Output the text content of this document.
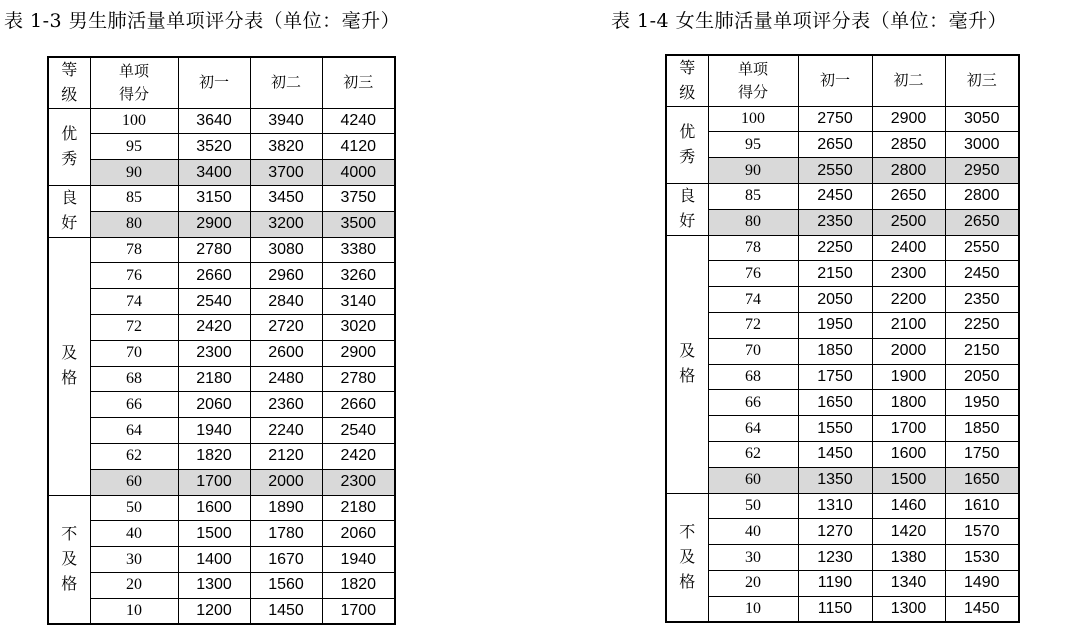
表 1-3 男生肺活量单项评分表（单位：毫升）	表 1-4 女生肺活量单项评分表（单位：毫升）
等
级	单项
得分	初一	初二	初三

优
秀	100	3640	3940	4240
	95	3520	3820	4120
	90	3400	3700	4000

良
好	85	3150	3450	3750
	80	2900	3200	3500

及
格	78	2780	3080	3380
	76	2660	2960	3260
	74	2540	2840	3140
	72	2420	2720	3020
	70	2300	2600	2900
	68	2180	2480	2780
	66	2060	2360	2660
	64	1940	2240	2540
	62	1820	2120	2420
	60	1700	2000	2300

不
及
格	50	1600	1890	2180
	40	1500	1780	2060
	30	1400	1670	1940
	20	1300	1560	1820
	10	1200	1450	1700
等
级	单项
得分	初一	初二	初三

优
秀	100	2750	2900	3050
	95	2650	2850	3000
	90	2550	2800	2950

良
好	85	2450	2650	2800
	80	2350	2500	2650

及
格	78	2250	2400	2550
	76	2150	2300	2450
	74	2050	2200	2350
	72	1950	2100	2250
	70	1850	2000	2150
	68	1750	1900	2050
	66	1650	1800	1950
	64	1550	1700	1850
	62	1450	1600	1750
	60	1350	1500	1650

不
及
格	50	1310	1460	1610
	40	1270	1420	1570
	30	1230	1380	1530
	20	1190	1340	1490
	10	1150	1300	1450
